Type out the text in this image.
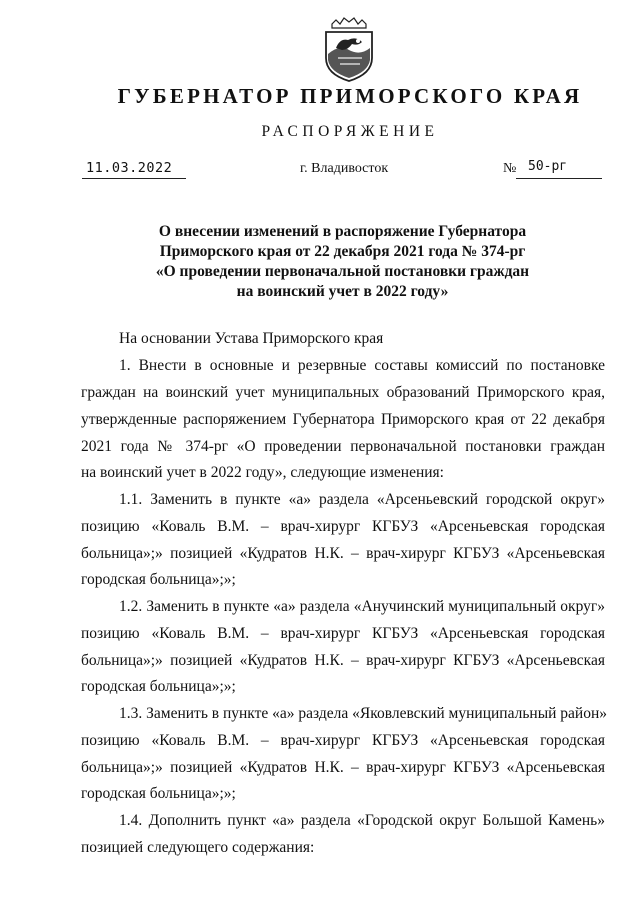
ГУБЕРНАТОР ПРИМОРСКОГО КРАЯ
РАСПОРЯЖЕНИЕ
11.03.2022	г. Владивосток	№ 50-рг
О внесении изменений в распоряжение Губернатора
Приморского края от 22 декабря 2021 года № 374-рг
«О проведении первоначальной постановки граждан
на воинский учет в 2022 году»
На основании Устава Приморского края
1. Внести в основные и резервные составы комиссий по постановке
граждан на воинский учет муниципальных образований Приморского края,
утвержденные распоряжением Губернатора Приморского края от 22 декабря
2021 года № 374-рг «О проведении первоначальной постановки граждан
на воинский учет в 2022 году», следующие изменения:
1.1. Заменить в пункте «а» раздела «Арсеньевский городской округ»
позицию «Коваль В.М. – врач-хирург КГБУЗ «Арсеньевская городская
больница»;» позицией «Кудратов Н.К. – врач-хирург КГБУЗ «Арсеньевская
городская больница»;»;
1.2. Заменить в пункте «а» раздела «Анучинский муниципальный округ»
позицию «Коваль В.М. – врач-хирург КГБУЗ «Арсеньевская городская
больница»;» позицией «Кудратов Н.К. – врач-хирург КГБУЗ «Арсеньевская
городская больница»;»;
1.3. Заменить в пункте «а» раздела «Яковлевский муниципальный район»
позицию «Коваль В.М. – врач-хирург КГБУЗ «Арсеньевская городская
больница»;» позицией «Кудратов Н.К. – врач-хирург КГБУЗ «Арсеньевская
городская больница»;»;
1.4. Дополнить пункт «а» раздела «Городской округ Большой Камень»
позицией следующего содержания:
